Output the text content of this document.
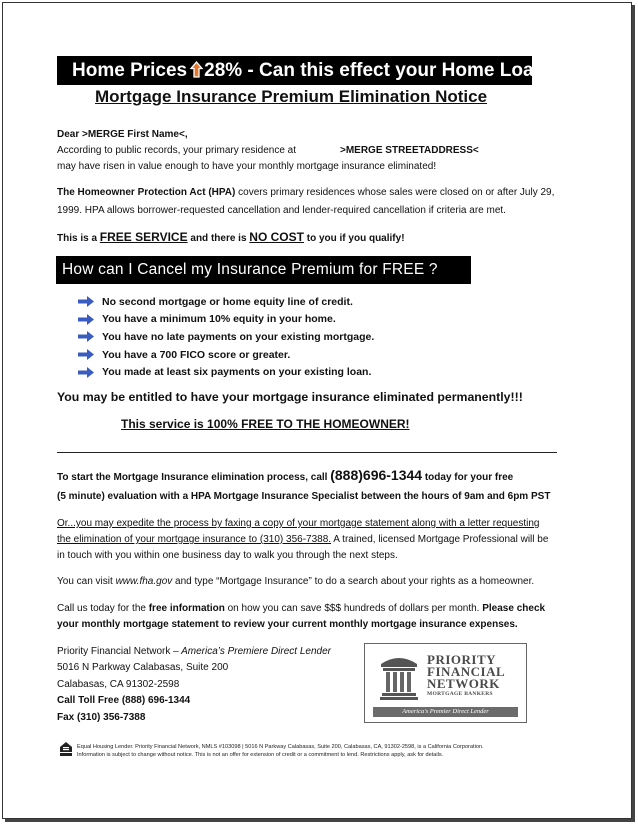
Home Prices 28% - Can this effect your Home Loan?
Mortgage Insurance Premium Elimination Notice
Dear >MERGE First Name<,
According to public records, your primary residence at	>MERGE STREETADDRESS<
may have risen in value enough to have your monthly mortgage insurance eliminated!
The Homeowner Protection Act (HPA) covers primary residences whose sales were closed on or after July 29,
1999. HPA allows borrower-requested cancellation and lender-required cancellation if criteria are met.
This is a FREE SERVICE and there is NO COST to you if you qualify!
How can I Cancel my Insurance Premium for FREE ?
No second mortgage or home equity line of credit.
You have a minimum 10% equity in your home.
You have no late payments on your existing mortgage.
You have a 700 FICO score or greater.
You made at least six payments on your existing loan.
You may be entitled to have your mortgage insurance eliminated permanently!!!
This service is 100% FREE TO THE HOMEOWNER!
To start the Mortgage Insurance elimination process, call (888)696-1344 today for your free
(5 minute) evaluation with a HPA Mortgage Insurance Specialist between the hours of 9am and 6pm PST
Or...you may expedite the process by faxing a copy of your mortgage statement along with a letter requesting
the elimination of your mortgage insurance to (310) 356-7388. A trained, licensed Mortgage Professional will be
in touch with you within one business day to walk you through the next steps.
You can visit www.fha.gov and type “Mortgage Insurance” to do a search about your rights as a homeowner.
Call us today for the free information on how you can save $$$ hundreds of dollars per month. Please check
your monthly mortgage statement to review your current monthly mortgage insurance expenses.
Priority Financial Network – America’s Premiere Direct Lender
5016 N Parkway Calabasas, Suite 200
Calabasas, CA 91302-2598
Call Toll Free (888) 696-1344
Fax (310) 356-7388
PRIORITY
FINANCIAL
NETWORK
MORTGAGE BANKERS
America's Premier Direct Lender
Equal Housing Lender. Priority Financial Network, NMLS #103098 | 5016 N Parkway Calabasas, Suite 200, Calabasas, CA, 91302-2598, is a California Corporation.
Information is subject to change without notice. This is not an offer for extension of credit or a commitment to lend. Restrictions apply, ask for details.
